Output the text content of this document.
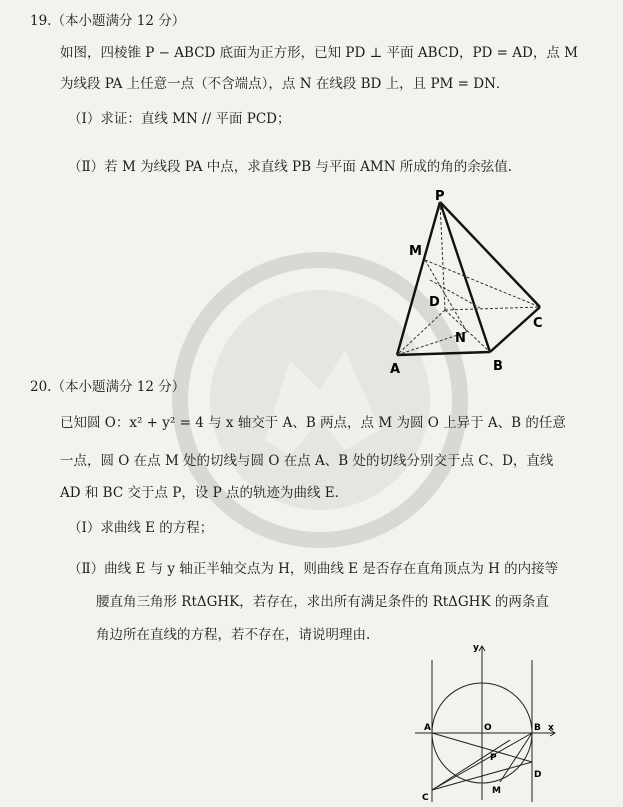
19.（本小题满分 12 分）
如图，四棱锥 P − ABCD 底面为正方形，已知 PD ⊥ 平面 ABCD，PD = AD，点 M
为线段 PA 上任意一点（不含端点），点 N 在线段 BD 上，且 PM = DN．
（Ⅰ）求证：直线 MN // 平面 PCD；
（Ⅱ）若 M 为线段 PA 中点，求直线 PB 与平面 AMN 所成的角的余弦值.
P
M
D
C
N
A	B
20.（本小题满分 12 分）
已知圆 O：x² + y² = 4 与 x 轴交于 A、B 两点，点 M 为圆 O 上异于 A、B 的任意
一点，圆 O 在点 M 处的切线与圆 O 在点 A、B 处的切线分别交于点 C、D，直线
AD 和 BC 交于点 P，设 P 点的轨迹为曲线 E．
（Ⅰ）求曲线 E 的方程；
（Ⅱ）曲线 E 与 y 轴正半轴交点为 H，则曲线 E 是否存在直角顶点为 H 的内接等
腰直角三角形 RtΔGHK，若存在，求出所有满足条件的 RtΔGHK 的两条直
角边所在直线的方程，若不存在，请说明理由.
A	O	B x
y
P
C
M
D
